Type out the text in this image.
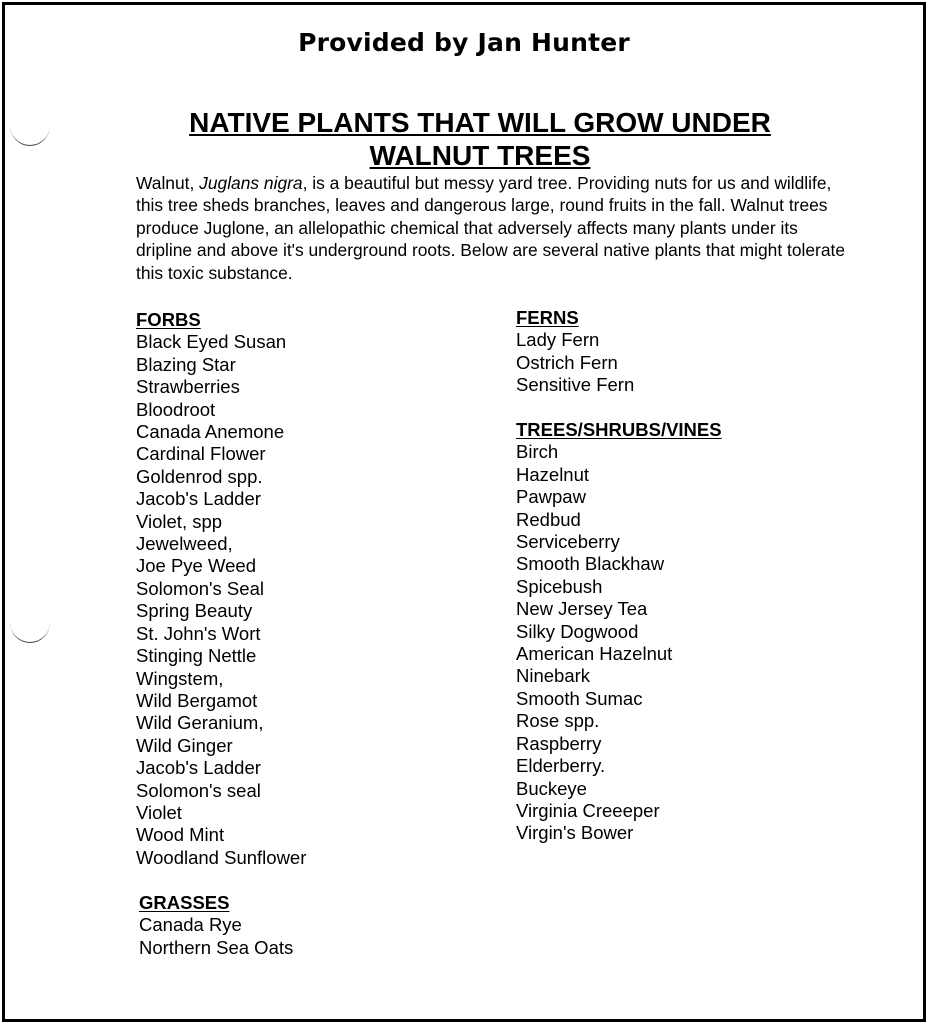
Provided by Jan Hunter
NATIVE PLANTS THAT WILL GROW UNDER
WALNUT TREES
Walnut, Juglans nigra, is a beautiful but messy yard tree. Providing nuts for us and wildlife, this tree sheds branches, leaves and dangerous large, round fruits in the fall. Walnut trees produce Juglone, an allelopathic chemical that adversely affects many plants under its dripline and above it's underground roots. Below are several native plants that might tolerate this toxic substance.
FORBS
Black Eyed Susan
Blazing Star
Strawberries
Bloodroot
Canada Anemone
Cardinal Flower
Goldenrod spp.
Jacob's Ladder
Violet, spp
Jewelweed,
Joe Pye Weed
Solomon's Seal
Spring Beauty
St. John's Wort
Stinging Nettle
Wingstem,
Wild Bergamot
Wild Geranium,
Wild Ginger
Jacob's Ladder
Solomon's seal
Violet
Wood Mint
Woodland Sunflower
GRASSES
Canada Rye
Northern Sea Oats
FERNS
Lady Fern
Ostrich Fern
Sensitive Fern
TREES/SHRUBS/VINES
Birch
Hazelnut
Pawpaw
Redbud
Serviceberry
Smooth Blackhaw
Spicebush
New Jersey Tea
Silky Dogwood
American Hazelnut
Ninebark
Smooth Sumac
Rose spp.
Raspberry
Elderberry.
Buckeye
Virginia Creeeper
Virgin's Bower
